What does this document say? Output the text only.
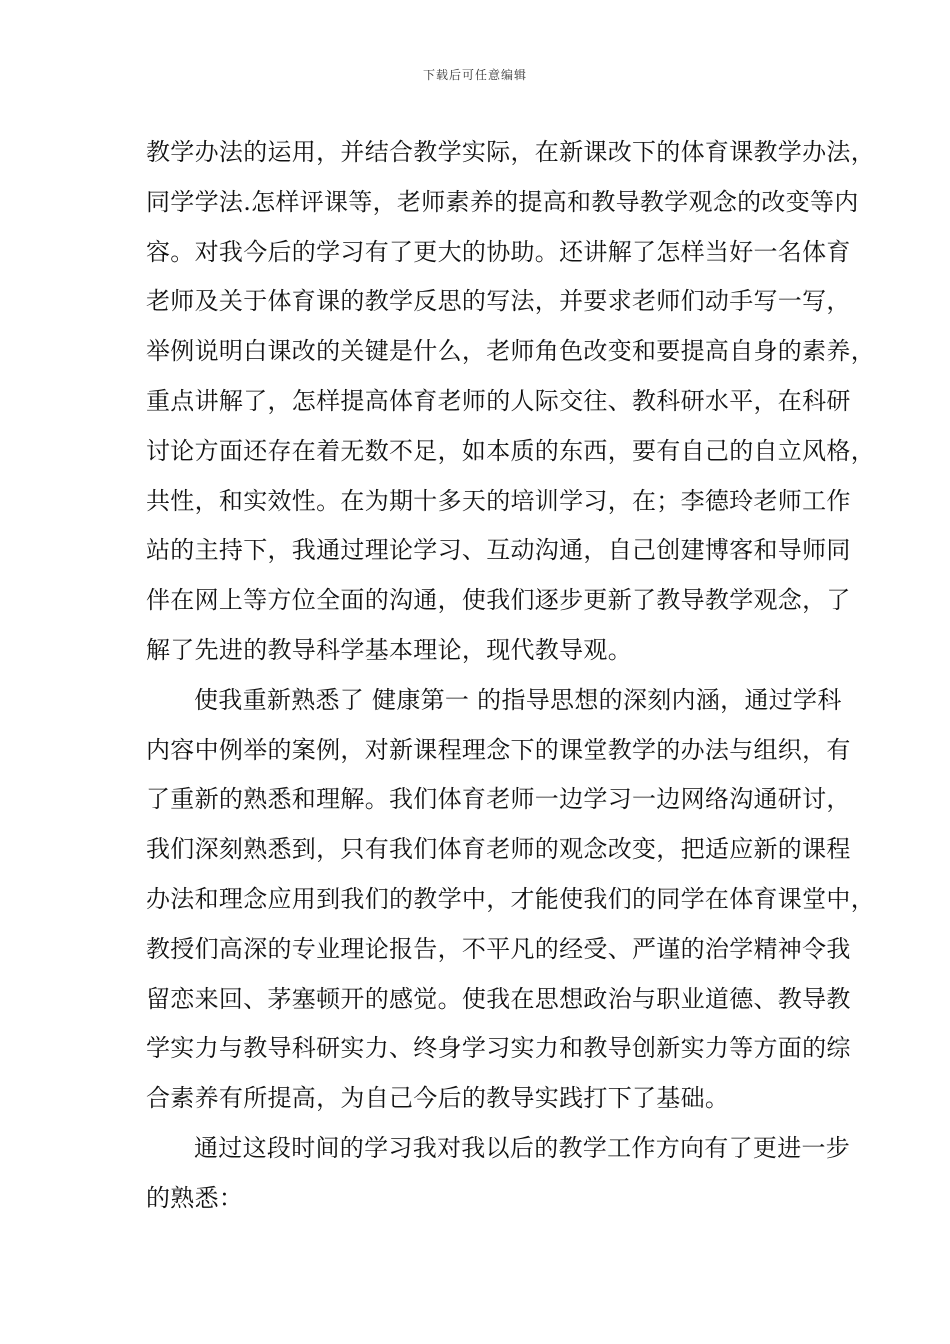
下载后可任意编辑
教学办法的运用，并结合教学实际，在新课改下的体育课教学办法，
同学学法.怎样评课等，老师素养的提高和教导教学观念的改变等内
容。对我今后的学习有了更大的协助。还讲解了怎样当好一名体育
老师及关于体育课的教学反思的写法，并要求老师们动手写一写，
举例说明白课改的关键是什么，老师角色改变和要提高自身的素养，
重点讲解了，怎样提高体育老师的人际交往、教科研水平，在科研
讨论方面还存在着无数不足，如本质的东西，要有自己的自立风格，
共性，和实效性。在为期十多天的培训学习，在；李德玲老师工作
站的主持下，我通过理论学习、互动沟通，自己创建博客和导师同
伴在网上等方位全面的沟通，使我们逐步更新了教导教学观念，了
解了先进的教导科学基本理论，现代教导观。
使我重新熟悉了 健康第一 的指导思想的深刻内涵，通过学科
内容中例举的案例，对新课程理念下的课堂教学的办法与组织，有
了重新的熟悉和理解。我们体育老师一边学习一边网络沟通研讨，
我们深刻熟悉到，只有我们体育老师的观念改变，把适应新的课程
办法和理念应用到我们的教学中，才能使我们的同学在体育课堂中，
教授们高深的专业理论报告，不平凡的经受、严谨的治学精神令我
留恋来回、茅塞顿开的感觉。使我在思想政治与职业道德、教导教
学实力与教导科研实力、终身学习实力和教导创新实力等方面的综
合素养有所提高，为自己今后的教导实践打下了基础。
通过这段时间的学习我对我以后的教学工作方向有了更进一步
的熟悉：
